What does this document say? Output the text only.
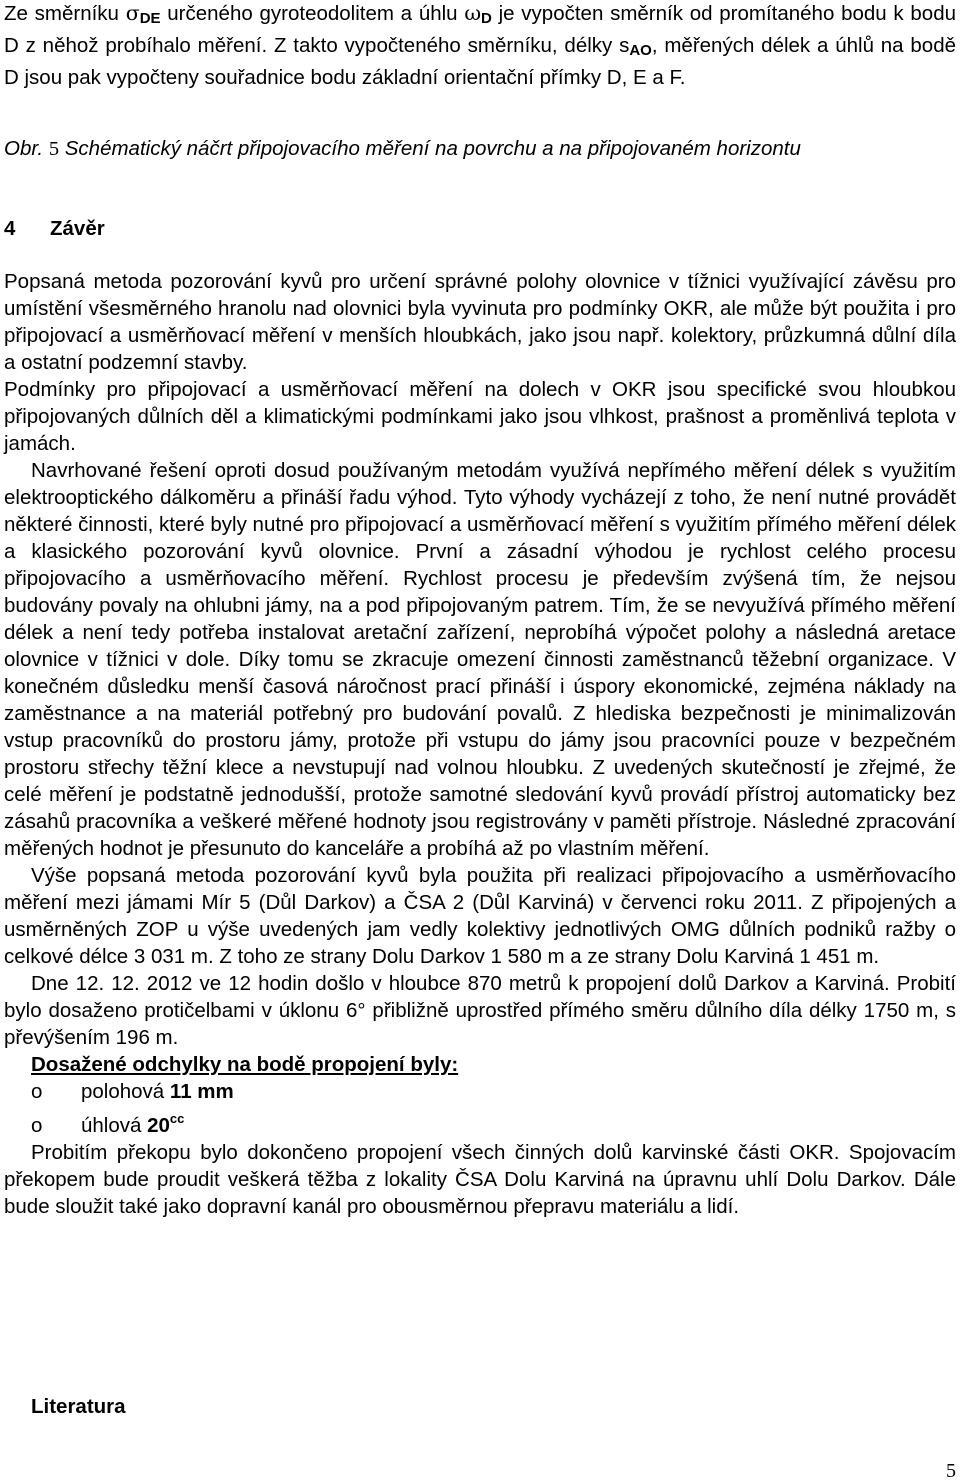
Ze směrníku $\sigma_{DE}$ určeného gyroteodolitem a úhlu $\omega_D$ je vypočten směrník od promítaného bodu k bodu D z něhož probíhalo měření. Z takto vypočteného směrníku, délky $s_{AO}$, měřených délek a úhlů na bodě D jsou pak vypočteny souřadnice bodu základní orientační přímky D, E a F.

Obr. 5 Schématický náčrt připojovacího měření na povrchu a na připojovaném horizontu
4 Závěr

Popsaná metoda pozorování kyvů pro určení správné polohy olovnice v tížnici využívající závěsu pro umístění všesměrného hranolu nad olovnici byla vyvinuta pro podmínky OKR, ale může být použita i pro připojovací a usměrňovací měření v menších hloubkách, jako jsou např. kolektory, průzkumná důlní díla a ostatní podzemní stavby.

Podmínky pro připojovací a usměrňovací měření na dolech v OKR jsou specifické svou hloubkou připojovaných důlních děl a klimatickými podmínkami jako jsou vlhkost, prašnost a proměnlivá teplota v jamách.

Navrhované řešení oproti dosud používaným metodám využívá nepřímého měření délek s využitím elektrooptického dálkoměru a přináší řadu výhod. Tyto výhody vycházejí z toho, že není nutné provádět některé činnosti, které byly nutné pro připojovací a usměrňovací měření s využitím přímého měření délek a klasického pozorování kyvů olovnice. První a zásadní výhodou je rychlost celého procesu připojovacího a usměrňovacího měření. Rychlost procesu je především zvýšená tím, že nejsou budovány povaly na ohlubni jámy, na a pod připojovaným patrem. Tím, že se nevyužívá přímého měření délek a není tedy potřeba instalovat aretační zařízení, neprobíhá výpočet polohy a následná aretace olovnice v tížnici v dole. Díky tomu se zkracuje omezení činnosti zaměstnanců těžební organizace. V konečném důsledku menší časová náročnost prací přináší i úspory ekonomické, zejména náklady na zaměstnance a na materiál potřebný pro budování povalů. Z hlediska bezpečnosti je minimalizován vstup pracovníků do prostoru jámy, protože při vstupu do jámy jsou pracovníci pouze v bezpečném prostoru střechy těžní klece a nevstupují nad volnou hloubku. Z uvedených skutečností je zřejmé, že celé měření je podstatně jednodušší, protože samotné sledování kyvů provádí přístroj automaticky bez zásahů pracovníka a veškeré měřené hodnoty jsou registrovány v paměti přístroje. Následné zpracování měřených hodnot je přesunuto do kanceláře a probíhá až po vlastním měření.

Výše popsaná metoda pozorování kyvů byla použita při realizaci připojovacího a usměrňovacího měření mezi jámami Mír 5 (Důl Darkov) a ČSA 2 (Důl Karviná) v červenci roku 2011. Z připojených a usměrněných ZOP u výše uvedených jam vedly kolektivy jednotlivých OMG důlních podniků ražby o celkové délce 3 031 m. Z toho ze strany Dolu Darkov 1 580 m a ze strany Dolu Karviná 1 451 m.

Dne 12. 12. 2012 ve 12 hodin došlo v hloubce 870 metrů k propojení dolů Darkov a Karviná. Probití bylo dosaženo protičelbami v úklonu 6° přibližně uprostřed přímého směru důlního díla délky 1750 m, s převýšením 196 m.

Dosažené odchylky na bodě propojení byly:

o polohová 11 mm

o úhlová $20^{cc}$

Probitím překopu bylo dokončeno propojení všech činných dolů karvinské části OKR. Spojovacím překopem bude proudit veškerá těžba z lokality ČSA Dolu Karviná na úpravnu uhlí Dolu Darkov. Dále bude sloužit také jako dopravní kanál pro obousměrnou přepravu materiálu a lidí.

Literatura
5
